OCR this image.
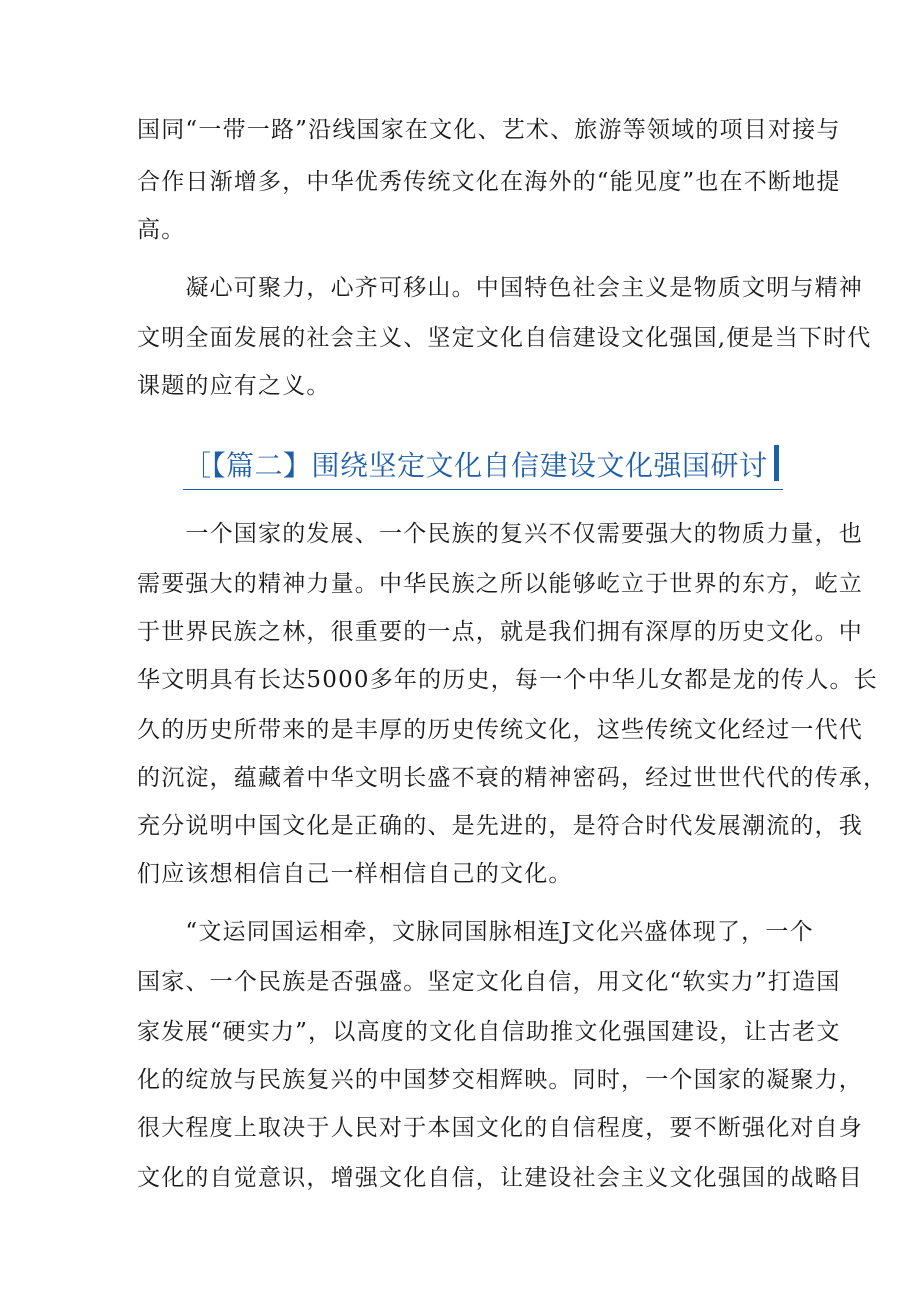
国同“一带一路”沿线国家在文化、艺术、旅游等领域的项目对接与
合作日渐增多，中华优秀传统文化在海外的“能见度”也在不断地提
高。
　　凝心可聚力，心齐可移山。中国特色社会主义是物质文明与精神
文明全面发展的社会主义、坚定文化自信建设文化强国,便是当下时代
课题的应有之义。
［【篇二】围绕坚定文化自信建设文化强国研讨
　　一个国家的发展、一个民族的复兴不仅需要强大的物质力量，也
需要强大的精神力量。中华民族之所以能够屹立于世界的东方，屹立
于世界民族之林，很重要的一点，就是我们拥有深厚的历史文化。中
华文明具有长达5000多年的历史，每一个中华儿女都是龙的传人。长
久的历史所带来的是丰厚的历史传统文化，这些传统文化经过一代代
的沉淀，蕴藏着中华文明长盛不衰的精神密码，经过世世代代的传承，
充分说明中国文化是正确的、是先进的，是符合时代发展潮流的，我
们应该想相信自己一样相信自己的文化。
　　“文运同国运相牵，文脉同国脉相连J文化兴盛体现了，一个
国家、一个民族是否强盛。坚定文化自信，用文化“软实力”打造国
家发展“硬实力”，以高度的文化自信助推文化强国建设，让古老文
化的绽放与民族复兴的中国梦交相辉映。同时，一个国家的凝聚力，
很大程度上取决于人民对于本国文化的自信程度，要不断强化对自身
文化的自觉意识，增强文化自信，让建设社会主义文化强国的战略目
